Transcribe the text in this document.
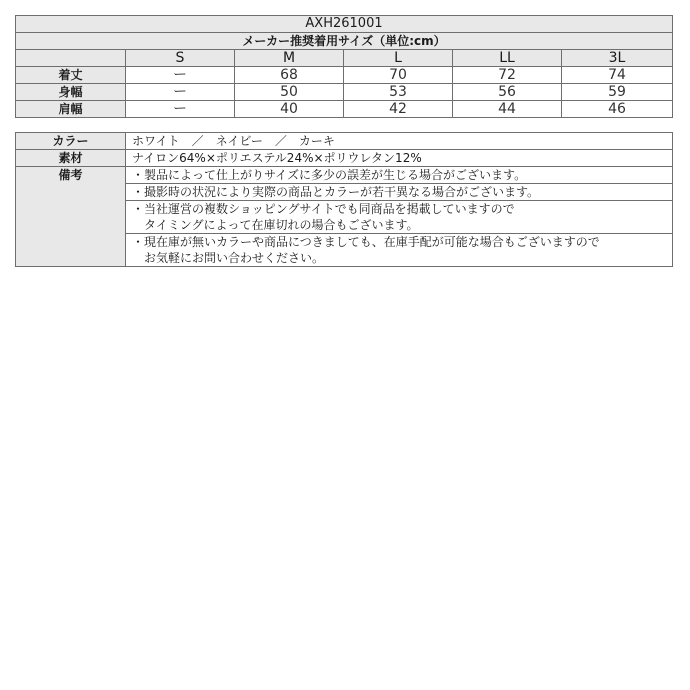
AXH261001					
メーカー推奨着用サイズ（単位:cm）					
	S	M	L	LL	3L
着丈	ー	68	70	72	74
身幅	ー	50	53	56	59
肩幅	ー	40	42	44	46
カラー	ホワイト　／　ネイビー　／　カーキ
素材	ナイロン64%×ポリエステル24%×ポリウレタン12%
備考	・製品によって仕上がりサイズに多少の誤差が生じる場合がございます。

	・撮影時の状況により実際の商品とカラーが若干異なる場合がございます。

	・当社運営の複数ショッピングサイトでも同商品を掲載していますので
　タイミングによって在庫切れの場合もございます。

	・現在庫が無いカラーや商品につきましても、在庫手配が可能な場合もございますので
　お気軽にお問い合わせください。
